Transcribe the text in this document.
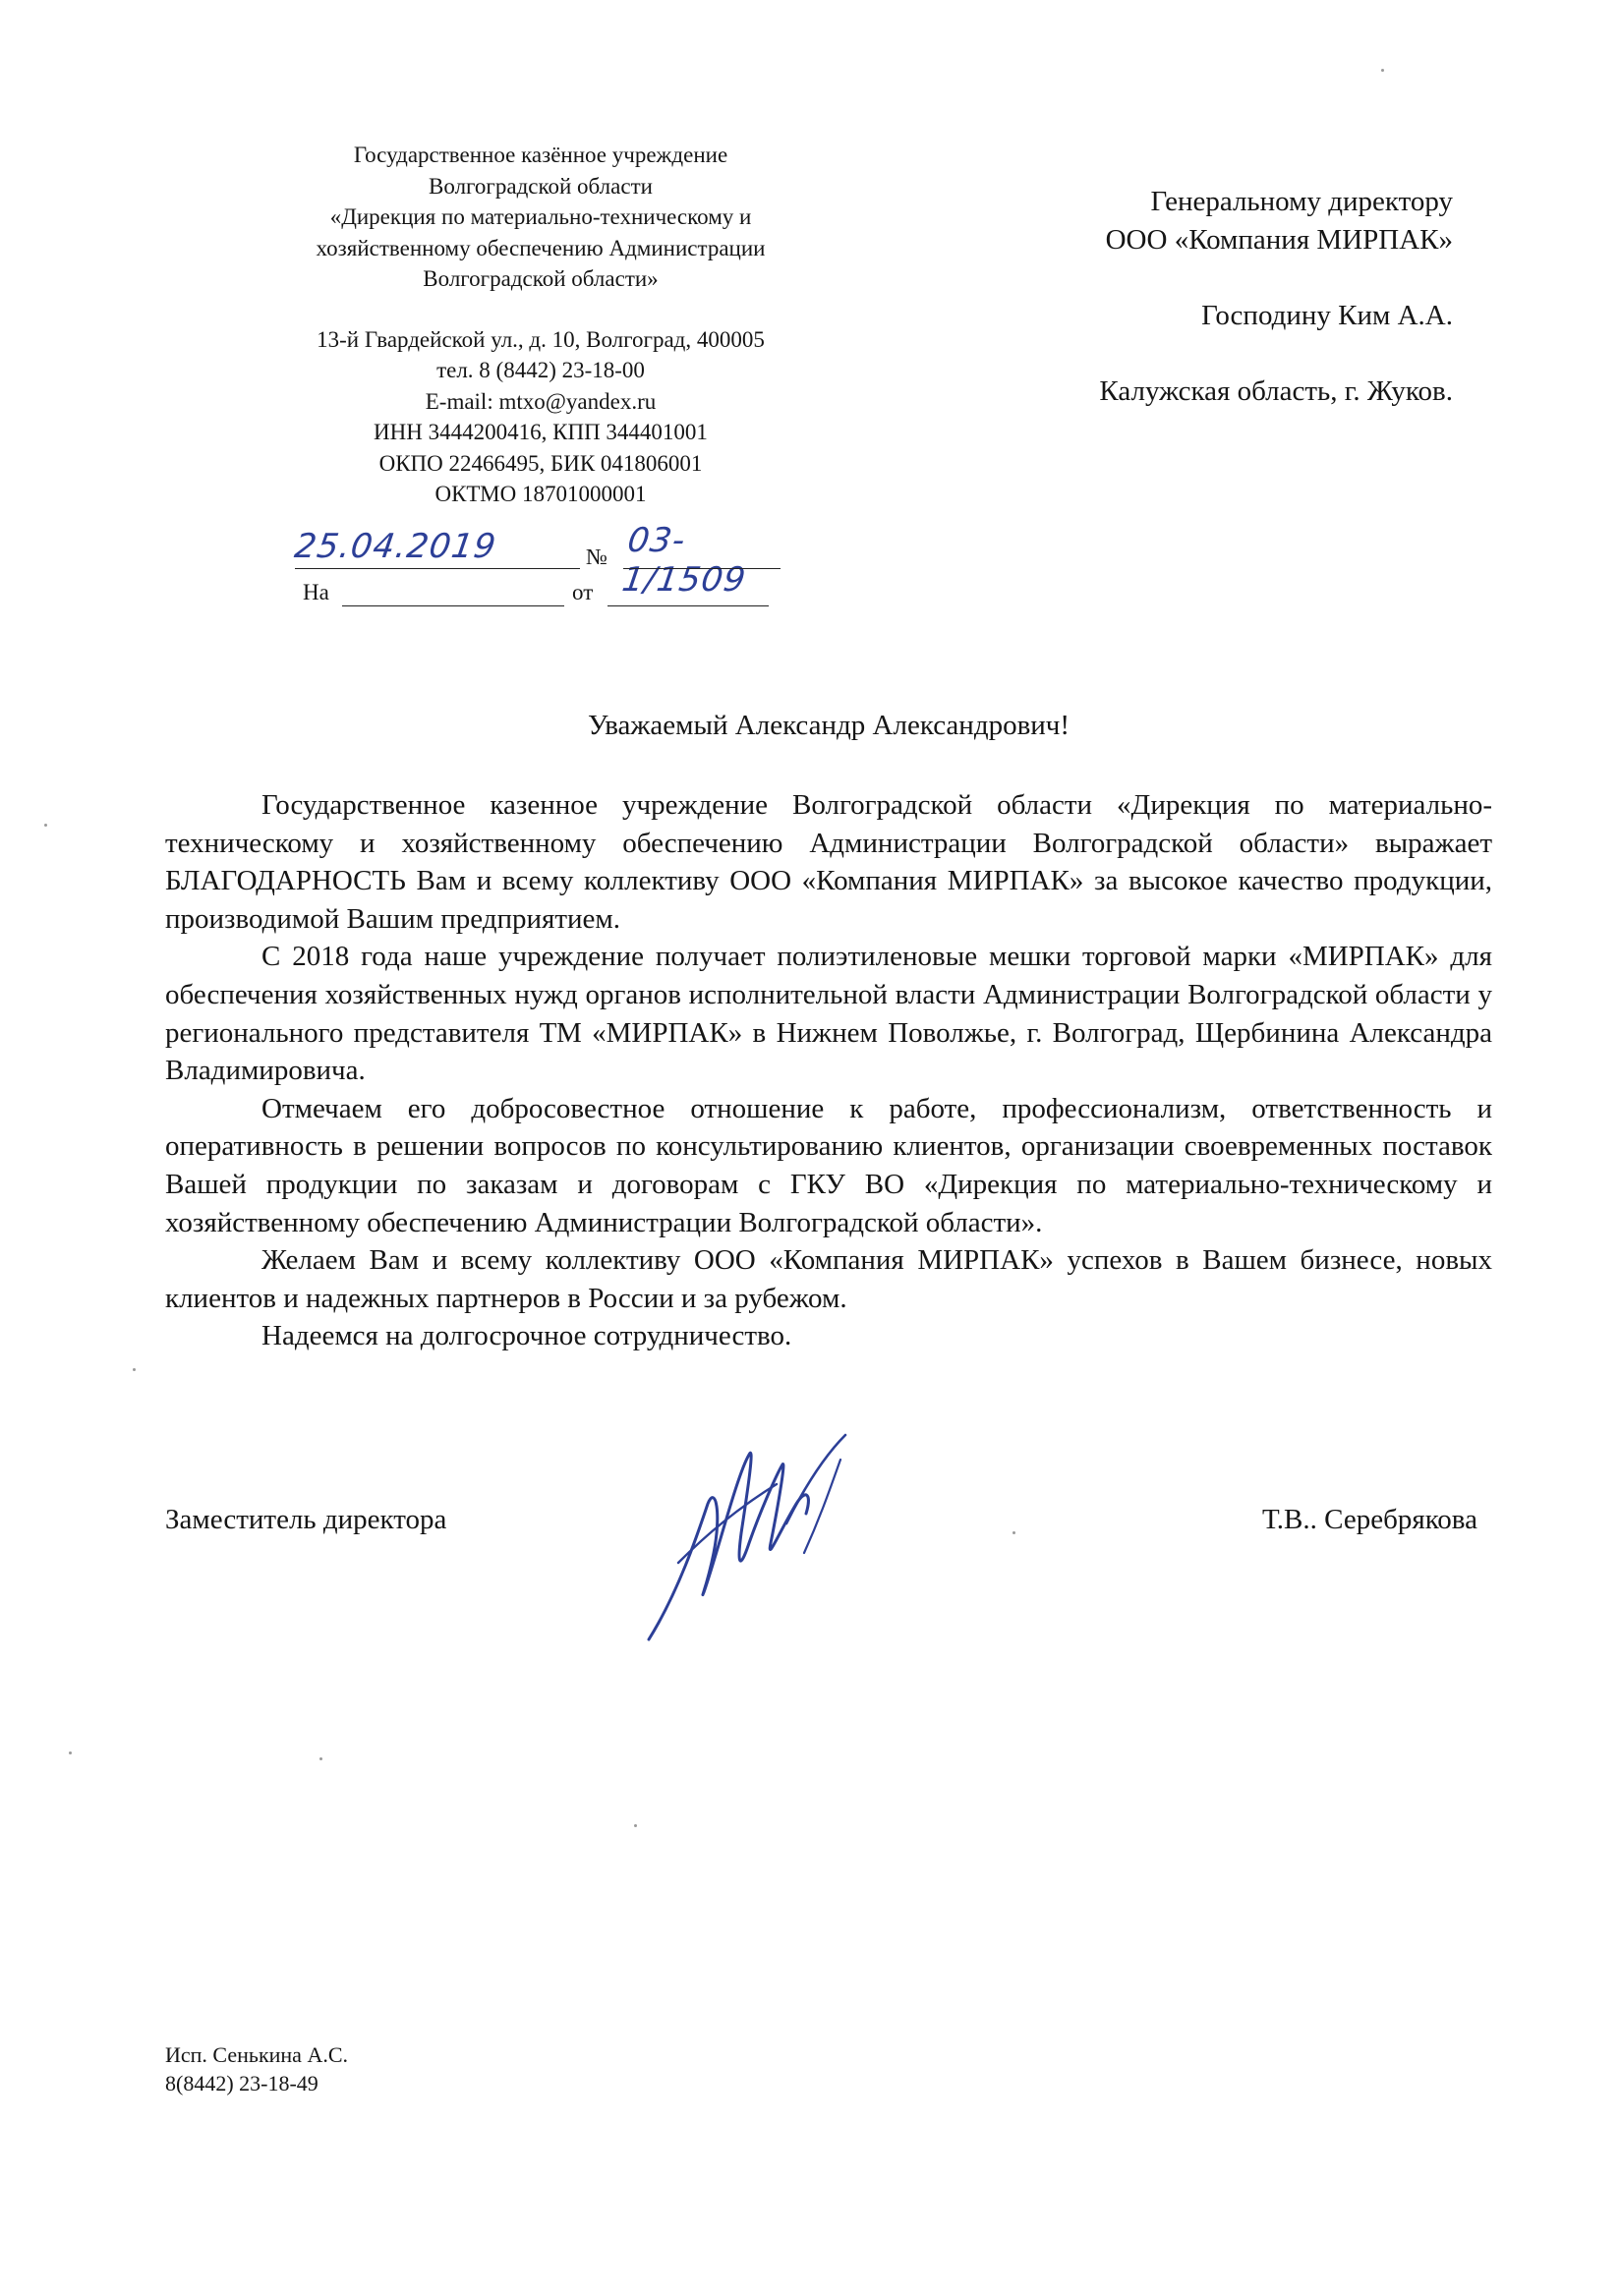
Государственное казённое учреждение
Волгоградской области
«Дирекция по материально-техническому и
хозяйственному обеспечению Администрации
Волгоградской области»
13-й Гвардейской ул., д. 10, Волгоград, 400005
тел. 8 (8442) 23-18-00
E-mail: mtxo@yandex.ru
ИНН 3444200416, КПП 344401001
ОКПО 22466495, БИК 041806001
ОКТМО 18701000001
25.04.2019	№ 03-1/1509
На	от
Генеральному директору
ООО «Компания МИРПАК»
Господину Ким А.А.
Калужская область, г. Жуков.
Уважаемый Александр Александрович!

Государственное казенное учреждение Волгоградской области «Дирекция по материально-техническому и хозяйственному обеспечению Администрации Волгоградской области» выражает БЛАГОДАРНОСТЬ Вам и всему коллективу ООО «Компания МИРПАК» за высокое качество продукции, производимой Вашим предприятием.

С 2018 года наше учреждение получает полиэтиленовые мешки торговой марки «МИРПАК» для обеспечения хозяйственных нужд органов исполнительной власти Администрации Волгоградской области у регионального представителя ТМ «МИРПАК» в Нижнем Поволжье, г. Волгоград, Щербинина Александра Владимировича.

Отмечаем его добросовестное отношение к работе, профессионализм, ответственность и оперативность в решении вопросов по консультированию клиентов, организации своевременных поставок Вашей продукции по заказам и договорам с ГКУ ВО «Дирекция по материально-техническому и хозяйственному обеспечению Администрации Волгоградской области».

Желаем Вам и всему коллективу ООО «Компания МИРПАК» успехов в Вашем бизнесе, новых клиентов и надежных партнеров в России и за рубежом.

Надеемся на долгосрочное сотрудничество.

Заместитель директора	Т.В.. Серебрякова
Исп. Сенькина А.С.
8(8442) 23-18-49
